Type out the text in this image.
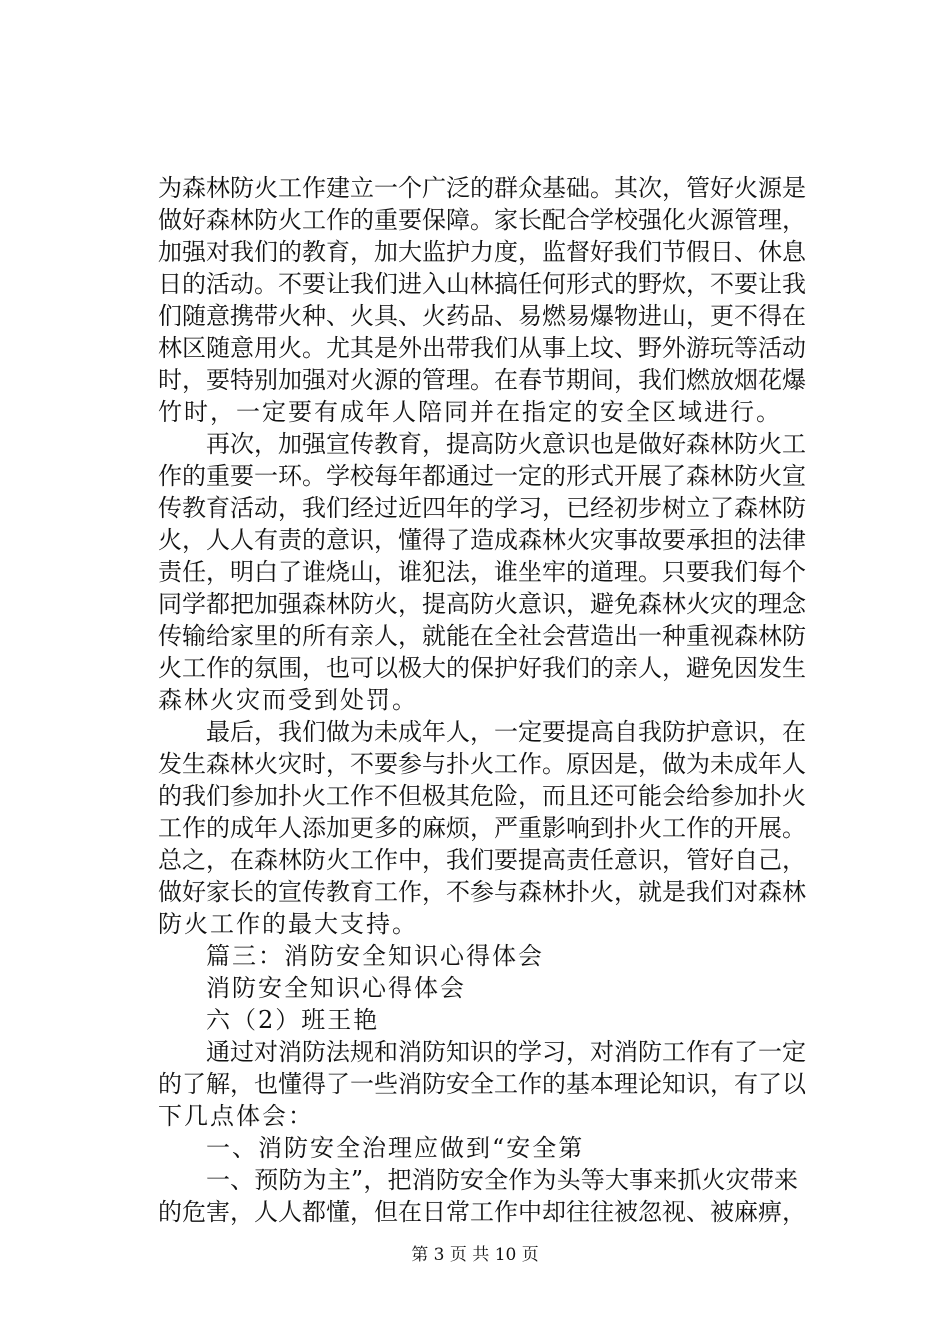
为森林防火工作建立一个广泛的群众基础。其次，管好火源是
做好森林防火工作的重要保障。家长配合学校强化火源管理，
加强对我们的教育，加大监护力度，监督好我们节假日、休息
日的活动。不要让我们进入山林搞任何形式的野炊，不要让我
们随意携带火种、火具、火药品、易燃易爆物进山，更不得在
林区随意用火。尤其是外出带我们从事上坟、野外游玩等活动
时，要特别加强对火源的管理。在春节期间，我们燃放烟花爆
竹时，一定要有成年人陪同并在指定的安全区域进行。
再次，加强宣传教育，提高防火意识也是做好森林防火工
作的重要一环。学校每年都通过一定的形式开展了森林防火宣
传教育活动，我们经过近四年的学习，已经初步树立了森林防
火，人人有责的意识，懂得了造成森林火灾事故要承担的法律
责任，明白了谁烧山，谁犯法，谁坐牢的道理。只要我们每个
同学都把加强森林防火，提高防火意识，避免森林火灾的理念
传输给家里的所有亲人，就能在全社会营造出一种重视森林防
火工作的氛围，也可以极大的保护好我们的亲人，避免因发生
森林火灾而受到处罚。
最后，我们做为未成年人，一定要提高自我防护意识，在
发生森林火灾时，不要参与扑火工作。原因是，做为未成年人
的我们参加扑火工作不但极其危险，而且还可能会给参加扑火
工作的成年人添加更多的麻烦，严重影响到扑火工作的开展。
总之，在森林防火工作中，我们要提高责任意识，管好自己，
做好家长的宣传教育工作，不参与森林扑火，就是我们对森林
防火工作的最大支持。
篇三：消防安全知识心得体会
消防安全知识心得体会
六（2）班王艳
通过对消防法规和消防知识的学习，对消防工作有了一定
的了解，也懂得了一些消防安全工作的基本理论知识，有了以
下几点体会：
一、消防安全治理应做到“安全第
一、预防为主”，把消防安全作为头等大事来抓火灾带来
的危害，人人都懂，但在日常工作中却往往被忽视、被麻痹，
第 3 页 共 10 页
